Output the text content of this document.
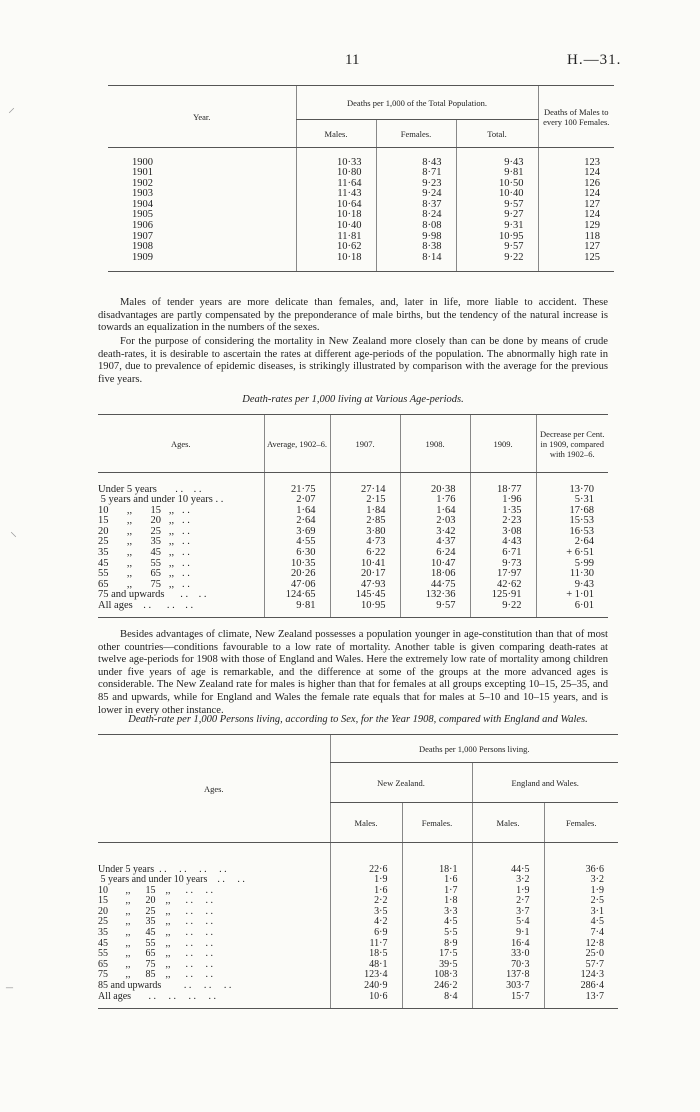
11	H.—31.
⸝
⸜
–
Year.	Deaths per 1,000 of the Total Population.			Deaths of Males to every 100 Females.
	Males.	Females.	Total.	

1900	10·33	8·43	9·43	123
1901	10·80	8·71	9·81	124
1902	11·64	9·23	10·50	126
1903	11·43	9·24	10·40	124
1904	10·64	8·37	9·57	127
1905	10·18	8·24	9·27	124
1906	10·40	8·08	9·31	129
1907	11·81	9·98	10·95	118
1908	10·62	8·38	9·57	127
1909	10·18	8·14	9·22	125

Males of tender years are more delicate than females, and, later in life, more liable to accident. These disadvantages are partly compensated by the preponderance of male births, but the tendency of the natural increase is towards an equalization in the numbers of the sexes.
For the purpose of considering the mortality in New Zealand more closely than can be done by means of crude death-rates, it is desirable to ascertain the rates at different age-periods of the population. The abnormally high rate in 1907, due to prevalence of epidemic diseases, is strikingly illustrated by comparison with the average for the previous five years.
Death-rates per 1,000 living at Various Age-periods.
Ages.	Average, 1902–6.	1907.	1908.	1909.	Decrease per Cent. in 1909, compared with 1902–6.

Under 5 years       . .    . .	21·75	27·14	20·38	18·77	13·70
5 years and under 10 years . .	2·07	2·15	1·76	1·96	5·31
10       ,,       15   ,,   . .	1·64	1·84	1·64	1·35	17·68
15       ,,       20   ,,   . .	2·64	2·85	2·03	2·23	15·53
20       ,,       25   ,,   . .	3·69	3·80	3·42	3·08	16·53
25       ,,       35   ,,   . .	4·55	4·73	4·37	4·43	2·64
35       ,,       45   ,,   . .	6·30	6·22	6·24	6·71	+ 6·51
45       ,,       55   ,,   . .	10·35	10·41	10·47	9·73	5·99
55       ,,       65   ,,   . .	20·26	20·17	18·06	17·97	11·30
65       ,,       75   ,,   . .	47·06	47·93	44·75	42·62	9·43
75 and upwards      . .    . .	124·65	145·45	132·36	125·91	+ 1·01
All ages    . .      . .    . .	9·81	10·95	9·57	9·22	6·01

Besides advantages of climate, New Zealand possesses a population younger in age-constitution than that of most other countries—conditions favourable to a low rate of mortality. Another table is given comparing death-rates at twelve age-periods for 1908 with those of England and Wales. Here the extremely low rate of mortality among children under five years of age is remarkable, and the difference at some of the groups at the more advanced ages is considerable. The New Zealand rate for males is higher than that for females at all groups excepting 10–15, 25–35, and 85 and upwards, while for England and Wales the female rate equals that for males at 5–10 and 10–15 years, and is lower in every other instance.
Death-rate per 1,000 Persons living, according to Sex, for the Year 1908, compared with England and Wales.
Ages.	Deaths per 1,000 Persons living.			
	New Zealand.		England and Wales.	
	Males.	Females.	Males.	Females.

Under 5 years  . .     . .     . .     . .	22·6	18·1	44·5	36·6
5 years and under 10 years    . .     . .	1·9	1·6	3·2	3·2
10       ,,      15    ,,      . .     . .	1·6	1·7	1·9	1·9
15       ,,      20    ,,      . .     . .	2·2	1·8	2·7	2·5
20       ,,      25    ,,      . .     . .	3·5	3·3	3·7	3·1
25       ,,      35    ,,      . .     . .	4·2	4·5	5·4	4·5
35       ,,      45    ,,      . .     . .	6·9	5·5	9·1	7·4
45       ,,      55    ,,      . .     . .	11·7	8·9	16·4	12·8
55       ,,      65    ,,      . .     . .	18·5	17·5	33·0	25·0
65       ,,      75    ,,      . .     . .	48·1	39·5	70·3	57·7
75       ,,      85    ,,      . .     . .	123·4	108·3	137·8	124·3
85 and upwards         . .     . .     . .	240·9	246·2	303·7	286·4
All ages       . .     . .     . .     . .	10·6	8·4	15·7	13·7
